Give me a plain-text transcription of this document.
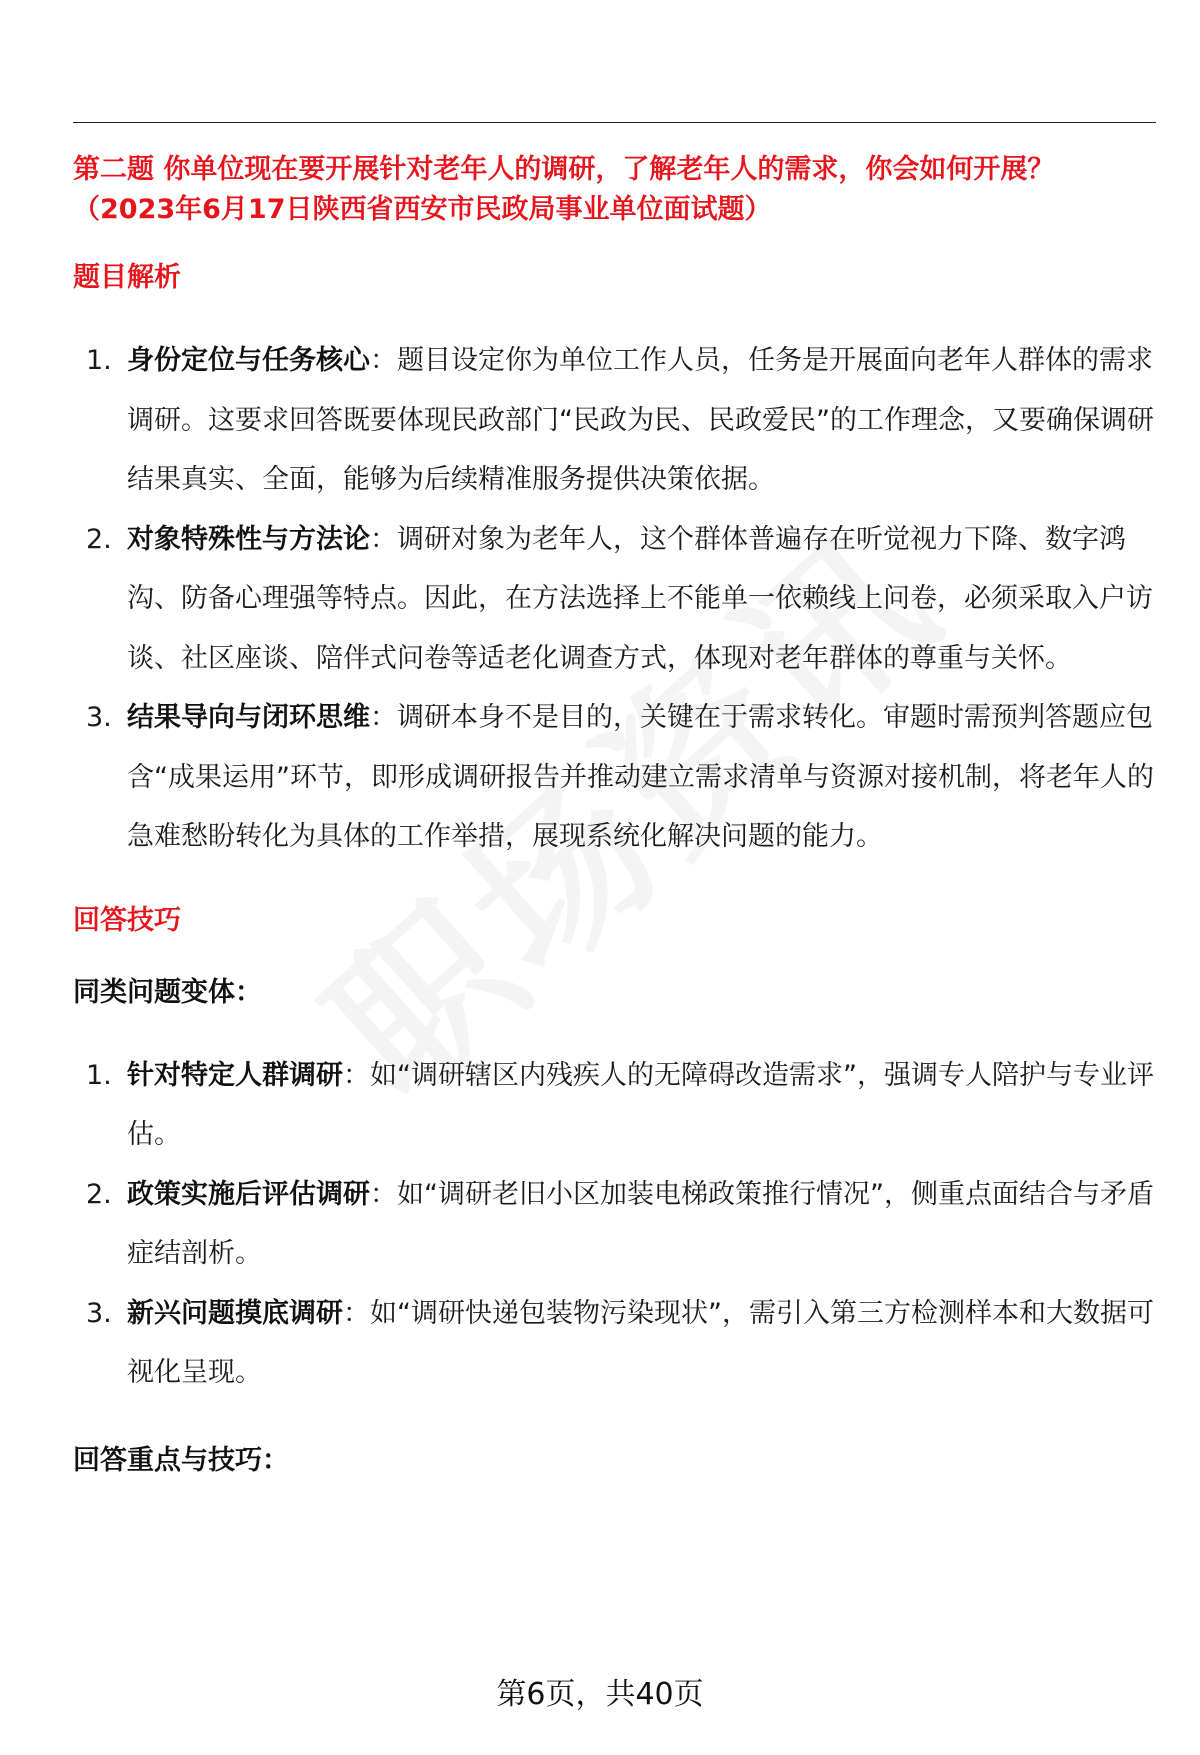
第二题 你单位现在要开展针对老年人的调研，了解老年人的需求，你会如何开展？
（2023年6月17日陕西省西安市民政局事业单位面试题）

题目解析

1. 身份定位与任务核心：题目设定你为单位工作人员，任务是开展面向老年人群体的需求调研。这要求回答既要体现民政部门“民政为民、民政爱民”的工作理念，又要确保调研结果真实、全面，能够为后续精准服务提供决策依据。
2. 对象特殊性与方法论：调研对象为老年人，这个群体普遍存在听觉视力下降、数字鸿沟、防备心理强等特点。因此，在方法选择上不能单一依赖线上问卷，必须采取入户访谈、社区座谈、陪伴式问卷等适老化调查方式，体现对老年群体的尊重与关怀。
3. 结果导向与闭环思维：调研本身不是目的，关键在于需求转化。审题时需预判答题应包含“成果运用”环节，即形成调研报告并推动建立需求清单与资源对接机制，将老年人的急难愁盼转化为具体的工作举措，展现系统化解决问题的能力。

回答技巧

同类问题变体：

1. 针对特定人群调研：如“调研辖区内残疾人的无障碍改造需求”，强调专人陪护与专业评估。
2. 政策实施后评估调研：如“调研老旧小区加装电梯政策推行情况”，侧重点面结合与矛盾症结剖析。
3. 新兴问题摸底调研：如“调研快递包装物污染现状”，需引入第三方检测样本和大数据可视化呈现。

回答重点与技巧：

第6页，共40页
